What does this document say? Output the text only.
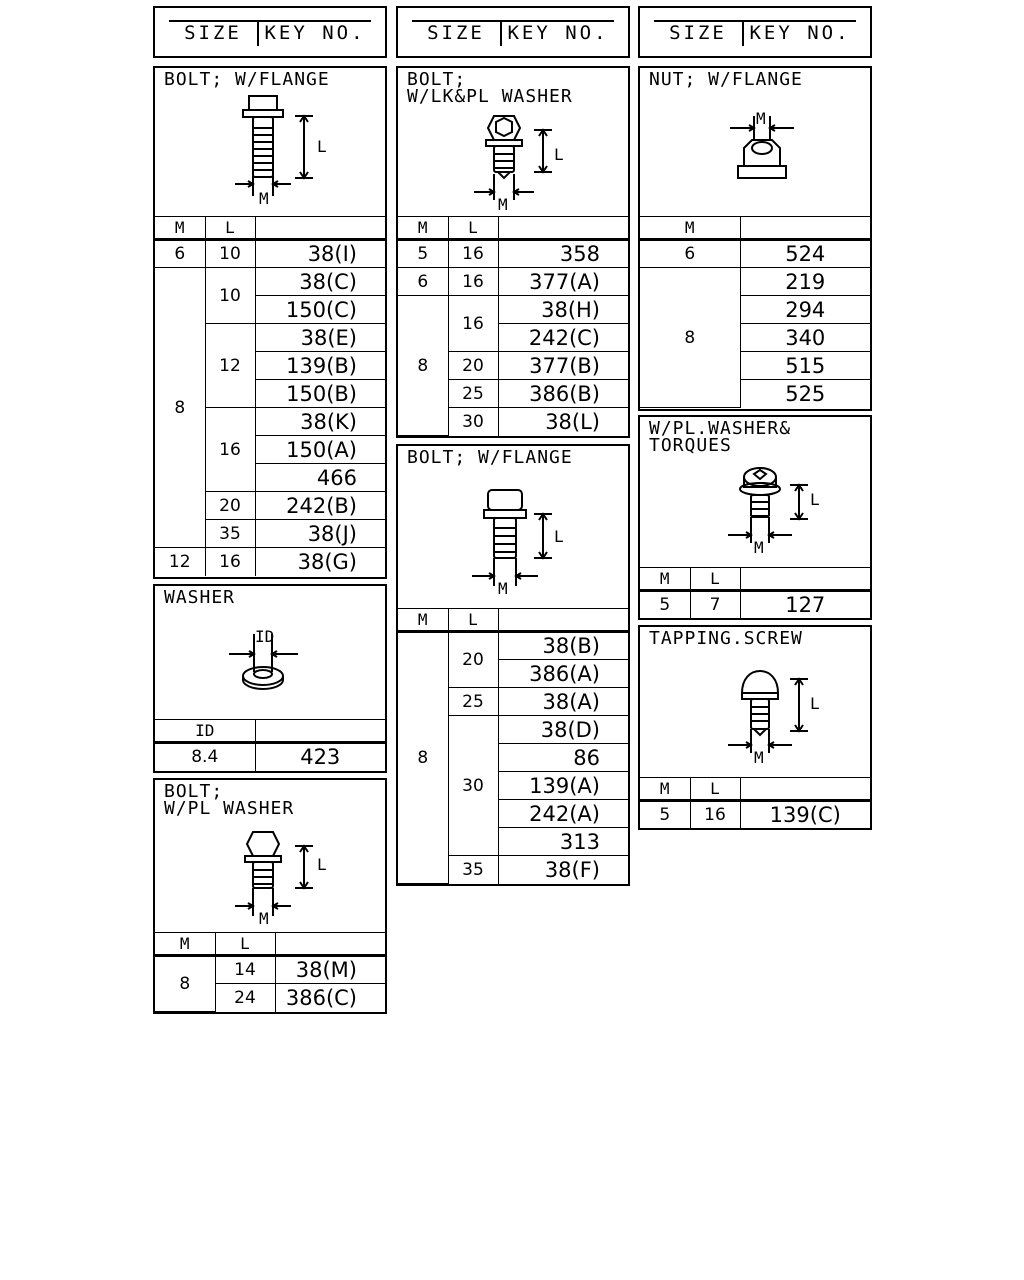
SIZE	KEY NO.
BOLT; W/FLANGE
L
M
M	L	
6	10	38(I)
8	10	38(C)
		150(C)
	12	38(E)
		139(B)
		150(B)
	16	38(K)
		150(A)
		466
	20	242(B)
	35	38(J)
12	16	38(G)
WASHER
ID
ID	
8.4	423
BOLT;
W/PL WASHER
L
M
M	L	
8	14	38(M)
	24	386(C)
SIZE	KEY NO.
BOLT;
W/LK&PL WASHER
L
M
M	L	
5	16	358
6	16	377(A)
8	16	38(H)
		242(C)
	20	377(B)
	25	386(B)
	30	38(L)
BOLT; W/FLANGE
L
M
M	L	
8	20	38(B)
		386(A)
	25	38(A)
	30	38(D)
		86
		139(A)
		242(A)
		313
	35	38(F)
SIZE	KEY NO.
NUT; W/FLANGE
M
M	
6	524
8	219
	294
	340
	515
	525
W/PL.WASHER&
TORQUES
L
M
M	L	
5	7	127
TAPPING.SCREW
L
M
M	L	
5	16	139(C)
